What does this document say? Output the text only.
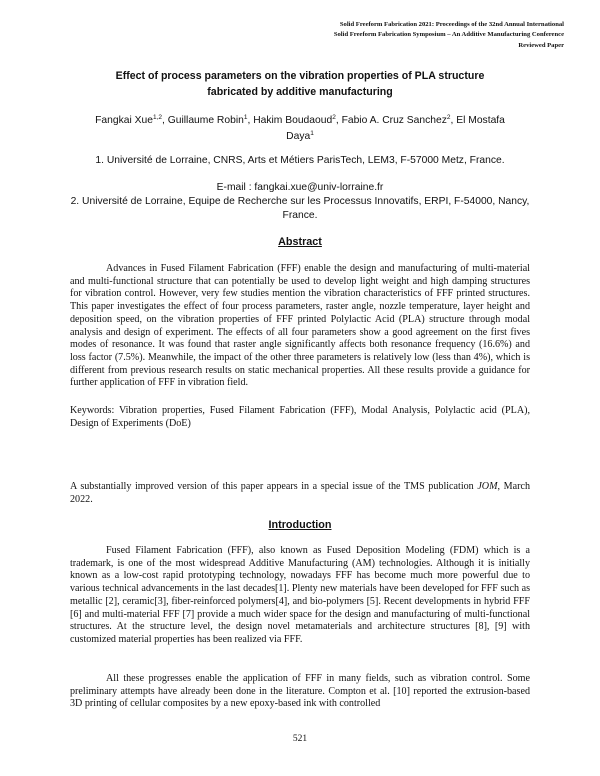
Solid Freeform Fabrication 2021: Proceedings of the 32nd Annual International
Solid Freeform Fabrication Symposium – An Additive Manufacturing Conference
Reviewed Paper
Effect of process parameters on the vibration properties of PLA structure
fabricated by additive manufacturing
Fangkai Xue$^{1,2}$, Guillaume Robin$^1$, Hakim Boudaoud$^2$, Fabio A. Cruz Sanchez$^2$, El Mostafa Daya$^1$
1. Université de Lorraine, CNRS, Arts et Métiers ParisTech, LEM3, F-57000 Metz, France.
E-mail : fangkai.xue@univ-lorraine.fr
2. Université de Lorraine, Equipe de Recherche sur les Processus Innovatifs, ERPI, F-54000, Nancy, France.
Abstract
Advances in Fused Filament Fabrication (FFF) enable the design and manufacturing of multi-material and multi-functional structure that can potentially be used to develop light weight and high damping structures for vibration control. However, very few studies mention the vibration characteristics of FFF printed structures. This paper investigates the effect of four process parameters, raster angle, nozzle temperature, layer height and deposition speed, on the vibration properties of FFF printed Polylactic Acid (PLA) structure through modal analysis and design of experiment. The effects of all four parameters show a good agreement on the first fives modes of resonance. It was found that raster angle significantly affects both resonance frequency (16.6%) and loss factor (7.5%). Meanwhile, the impact of the other three parameters is relatively low (less than 4%), which is different from previous research results on static mechanical properties. All these results provide a guidance for further application of FFF in vibration field.
Keywords: Vibration properties, Fused Filament Fabrication (FFF), Modal Analysis, Polylactic acid (PLA), Design of Experiments (DoE)
A substantially improved version of this paper appears in a special issue of the TMS publication JOM, March 2022.
Introduction
Fused Filament Fabrication (FFF), also known as Fused Deposition Modeling (FDM) which is a trademark, is one of the most widespread Additive Manufacturing (AM) technologies. Although it is initially known as a low-cost rapid prototyping technology, nowadays FFF has become much more powerful due to various technical advancements in the last decades[1]. Plenty new materials have been developed for FFF such as metallic [2], ceramic[3], fiber-reinforced polymers[4], and bio-polymers [5]. Recent developments in hybrid FFF [6] and multi-material FFF [7] provide a much wider space for the design and manufacturing of multi-functional structures. At the structure level, the design novel metamaterials and architecture structures [8], [9] with customized material properties has been realized via FFF.
All these progresses enable the application of FFF in many fields, such as vibration control. Some preliminary attempts have already been done in the literature. Compton et al. [10] reported the extrusion-based 3D printing of cellular composites by a new epoxy-based ink with controlled
521
